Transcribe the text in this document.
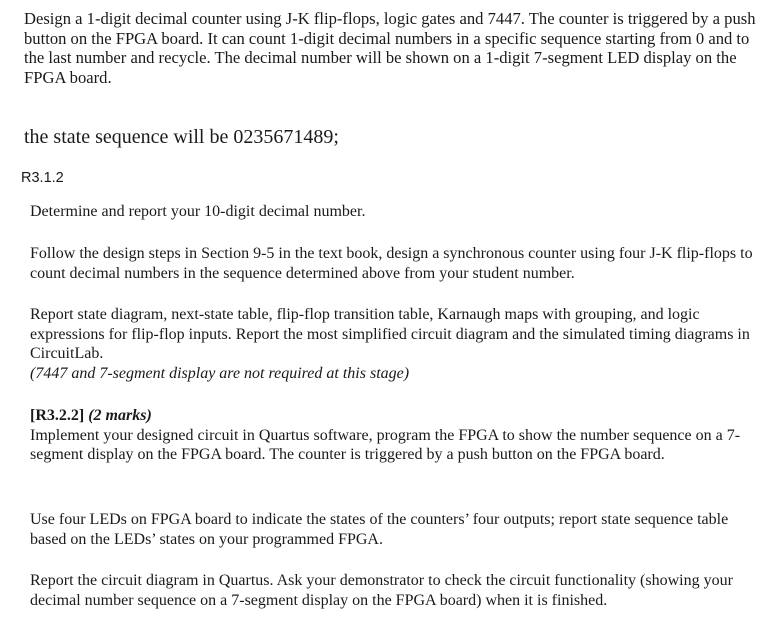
Design a 1-digit decimal counter using J-K flip-flops, logic gates and 7447. The counter is triggered by a push button on the FPGA board. It can count 1-digit decimal numbers in a specific sequence starting from 0 and to the last number and recycle. The decimal number will be shown on a 1-digit 7-segment LED display on the FPGA board.

the state sequence will be 0235671489;

R3.1.2

Determine and report your 10-digit decimal number.

Follow the design steps in Section 9-5 in the text book, design a synchronous counter using four J-K flip-flops to count decimal numbers in the sequence determined above from your student number.

Report state diagram, next-state table, flip-flop transition table, Karnaugh maps with grouping, and logic expressions for flip-flop inputs. Report the most simplified circuit diagram and the simulated timing diagrams in CircuitLab.
(7447 and 7-segment display are not required at this stage)
[R3.2.2] (2 marks)
Implement your designed circuit in Quartus software, program the FPGA to show the number sequence on a 7-segment display on the FPGA board. The counter is triggered by a push button on the FPGA board.

Use four LEDs on FPGA board to indicate the states of the counters’ four outputs; report state sequence table based on the LEDs’ states on your programmed FPGA.

Report the circuit diagram in Quartus. Ask your demonstrator to check the circuit functionality (showing your decimal number sequence on a 7-segment display on the FPGA board) when it is finished.
